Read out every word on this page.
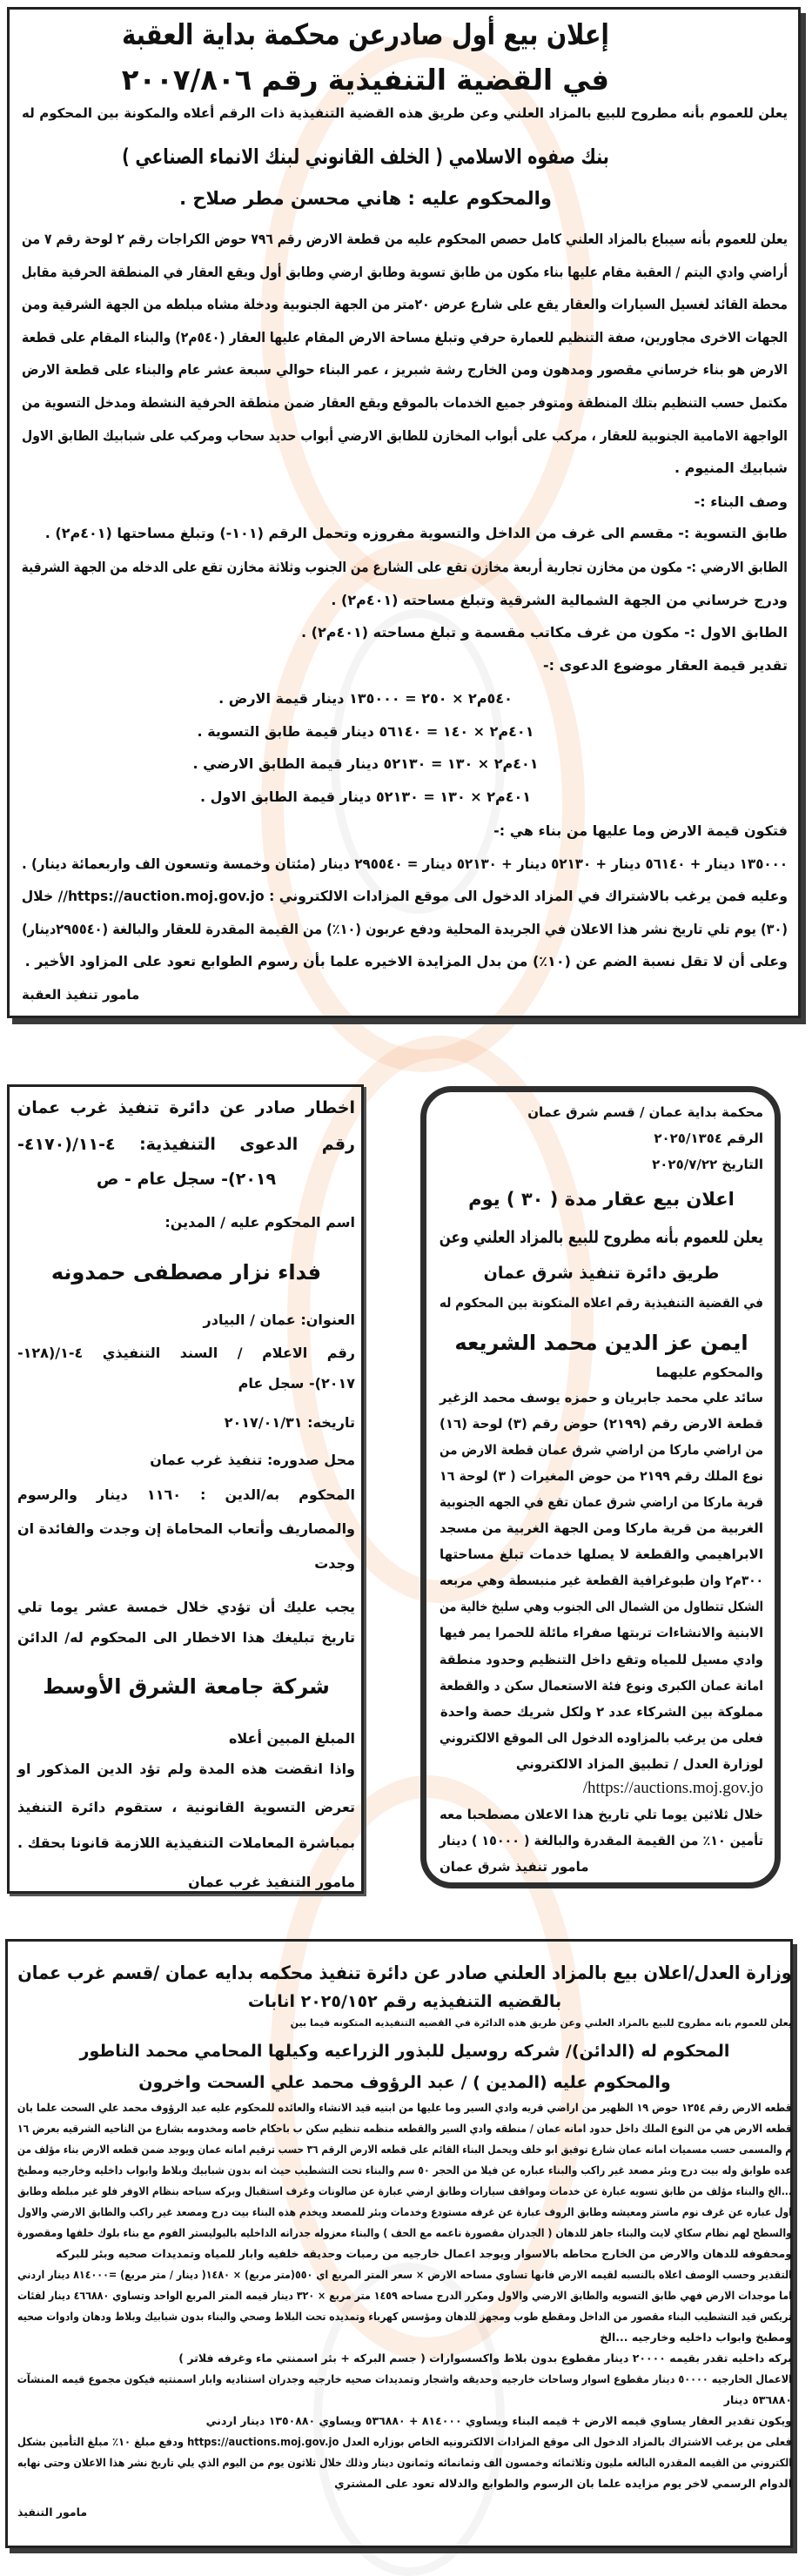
إعلان بيع أول صادرعن محكمة بداية العقبة
في القضية التنفيذية رقم ٢٠٠٧/٨٠٦
يعلن للعموم بأنه مطروح للبيع بالمزاد العلني وعن طريق هذه القضية التنفيذية ذات الرقم أعلاه والمكونة بين المحكوم له
بنك صفوه الاسلامي ( الخلف القانوني لبنك الانماء الصناعي )
والمحكوم عليه : هاني محسن مطر صلاح .
يعلن للعموم بأنه سيباع بالمزاد العلني كامل حصص المحكوم عليه من قطعة الارض رقم ٧٩٦ حوض الكراجات رقم ٢ لوحة رقم ٧ من
أراضي وادي اليتم / العقبة مقام عليها بناء مكون من طابق تسوية وطابق ارضي وطابق أول ويقع العقار في المنطقة الحرفية مقابل
محطة القائد لغسيل السيارات والعقار يقع على شارع عرض ٢٠متر من الجهة الجنوبية ودخلة مشاه مبلطه من الجهة الشرقية ومن
الجهات الاخرى مجاورين، صفة التنظيم للعمارة حرفي وتبلغ مساحة الارض المقام عليها العقار (٥٤٠م٢) والبناء المقام على قطعة
الارض هو بناء خرساني مقصور ومدهون ومن الخارج رشة شبريز ، عمر البناء حوالي سبعة عشر عام والبناء على قطعة الارض
مكتمل حسب التنظيم بتلك المنطقة ومتوفر جميع الخدمات بالموقع ويقع العقار ضمن منطقة الحرفية النشطة ومدخل التسوية من
الواجهة الامامية الجنوبية للعقار ، مركب على أبواب المخازن للطابق الارضي أبواب حديد سحاب ومركب على شبابيك الطابق الاول
شبابيك المنيوم .
وصف البناء :-
طابق التسوية :- مقسم الى غرف من الداخل والتسوية مفروزه وتحمل الرقم (١٠١-) وتبلغ مساحتها (٤٠١م٢) .
الطابق الارضي :- مكون من مخازن تجارية أربعة مخازن تقع على الشارع من الجنوب وثلاثة مخازن تقع على الدخله من الجهة الشرقية
ودرج خرساني من الجهة الشمالية الشرقية وتبلغ مساحته (٤٠١م٢) .
الطابق الاول :- مكون من غرف مكاتب مقسمة و تبلغ مساحته (٤٠١م٢) .
تقدير قيمة العقار موضوع الدعوى :-
٥٤٠م٢ × ٢٥٠ = ١٣٥٠٠٠ دينار قيمة الارض .
٤٠١م٢ × ١٤٠ = ٥٦١٤٠ دينار قيمة طابق التسوية .
٤٠١م٢ × ١٣٠ = ٥٢١٣٠ دينار قيمة الطابق الارضي .
٤٠١م٢ × ١٣٠ = ٥٢١٣٠ دينار قيمة الطابق الاول .
فتكون قيمة الارض وما عليها من بناء هي :-
١٣٥٠٠٠ دينار + ٥٦١٤٠ دينار + ٥٢١٣٠ دينار + ٥٢١٣٠ دينار = ٢٩٥٥٤٠ دينار (مئتان وخمسة وتسعون الف واربعمائة دينار) .
وعليه فمن يرغب بالاشتراك في المزاد الدخول الى موقع المزادات الالكتروني : https://auction.moj.gov.jo// خلال
(٣٠) يوم تلي تاريخ نشر هذا الاعلان في الجريدة المحلية ودفع عربون (١٠٪) من القيمة المقدرة للعقار والبالغة (٢٩٥٥٤٠دينار)
وعلى أن لا تقل نسبة الضم عن (١٠٪) من بدل المزايدة الاخيره علما بأن رسوم الطوابع تعود على المزاود الأخير .
مامور تنفيذ العقبة
اخطار صادر عن دائرة تنفيذ غرب عمان
رقم الدعوى التنفيذية: ٤-١١/(٤١٧٠-
٢٠١٩)- سجل عام - ص
اسم المحكوم عليه / المدين:
فداء نزار مصطفى حمدونه
العنوان: عمان / البيادر
رقم الاعلام / السند التنفيذي ٤-١/(١٢٨-
٢٠١٧)- سجل عام
تاريخه: ٢٠١٧/٠١/٣١
محل صدوره: تنفيذ غرب عمان
المحكوم به/الدين : ١١٦٠ دينار والرسوم
والمصاريف وأتعاب المحاماة إن وجدت والفائدة ان
وجدت
يجب عليك أن تؤدي خلال خمسة عشر يوما تلي
تاريخ تبليغك هذا الاخطار الى المحكوم له/ الدائن
شركة جامعة الشرق الأوسط
المبلغ المبين أعلاه
واذا انقضت هذه المدة ولم تؤد الدين المذكور او
تعرض التسوية القانونية ، ستقوم دائرة التنفيذ
بمباشرة المعاملات التنفيذية اللازمة قانونا بحقك .
مامور التنفيذ غرب عمان
محكمة بداية عمان / قسم شرق عمان
الرقم ٢٠٢٥/١٣٥٤
التاريخ ٢٠٢٥/٧/٢٢
اعلان بيع عقار مدة ( ٣٠ ) يوم
يعلن للعموم بأنه مطروح للبيع بالمزاد العلني وعن
طريق دائرة تنفيذ شرق عمان
في القضية التنفيذية رقم اعلاه المتكونة بين المحكوم له
ايمن عز الدين محمد الشريعه
والمحكوم عليهما
سائد علي محمد جابريان و حمزه يوسف محمد الزغير
قطعة الارض رقم (٢١٩٩) حوض رقم (٣) لوحة (١٦)
من اراضي ماركا من اراضي شرق عمان قطعة الارض من
نوع الملك رقم ٢١٩٩ من حوض المغيرات ( ٣) لوحة ١٦
قرية ماركا من اراضي شرق عمان تقع في الجهه الجنوبية
الغربية من قرية ماركا ومن الجهة الغربية من مسجد
الابراهيمي والقطعة لا يصلها خدمات تبلغ مساحتها
٣٠٠م٢ وان طبوغرافية القطعة غير منبسطة وهي مربعه
الشكل تتطاول من الشمال الى الجنوب وهي سليخ خالية من
الابنية والانشاءات تربتها صفراء مائلة للحمرا يمر فيها
وادي مسيل للمياه وتقع داخل التنظيم وحدود منطقة
امانة عمان الكبرى ونوع فئة الاستعمال سكن د والقطعة
مملوكة بين الشركاء عدد ٢ ولكل شريك حصة واحدة
فعلى من يرغب بالمزاوده الدخول الى الموقع الالكتروني
لوزارة العدل / تطبيق المزاد الالكتروني
https://auctions.moj.gov.jo/
خلال ثلاثين يوما تلي تاريخ هذا الاعلان مصطحبا معه
تأمين ١٠٪ من القيمة المقدرة والبالغة ( ١٥٠٠٠ ) دينار
مامور تنفيذ شرق عمان
وزارة العدل/اعلان بيع بالمزاد العلني صادر عن دائرة تنفيذ محكمه بدايه عمان /قسم غرب عمان
بالقضيه التنفيذيه رقم ٢٠٢٥/١٥٢ انابات
يعلن للعموم بانه مطروح للبيع بالمزاد العلني وعن طريق هذه الدائرة في القضيه التنفيذيه المتكونه فيما بين
المحكوم له (الدائن)/ شركه روسيل للبذور الزراعيه وكيلها المحامي محمد الناطور
والمحكوم عليه (المدين ) / عبد الرؤوف محمد علي السحت واخرون
قطعه الارض رقم ١٢٥٤ حوض ١٩ الظهير من اراضي قريه وادي السير وما عليها من ابنيه قيد الانشاء والعائده للمحكوم عليه عبد الرؤوف محمد علي السحت علما بان
قطعه الارض هي من النوع الملك داخل حدود امانه عمان / منطقه وادي السير والقطعه منظمه تنظيم سكن ب باحكام خاصه ومخدومه بشارع من الناحيه الشرقيه بعرض ١٦
م والمسمى حسب مسميات امانه عمان شارع توفيق ابو خلف ويحمل البناء القائم على قطعه الارض الرقم ٣٦ حسب ترقيم امانه عمان ويوجد ضمن قطعه الارض بناء مؤلف من
عده طوابق وله بيت درج وبئر مصعد غير راكب والبناء عباره عن فيلا من الحجر ٥٠ سم والبناء تحت التشطيب حيث انه بدون شبابيك وبلاط وابواب داخليه وخارجيه ومطبخ
...الخ والبناء مؤلف من طابق تسويه عبارة عن خدمات ومواقف سيارات وطابق ارضي عبارة عن صالونات وغرف استقبال وبركه سباحه بنظام الاوفر فلو غير مبلطه وطابق
اول عباره عن غرف نوم ماستر ومعيشه وطابق الروف عبارة عن غرفه مستودع وخدمات وبئر للمصعد ويخدم هذه البناء بيت درج ومصعد غير راكب والطابق الارضي والاول
والسطح لهم نظام سكاي لايت والبناء جاهز للدهان ( الجدران مقصورة ناعمه مع الحف ) والبناء معزوله جدرانه الداخليه بالبوليستر الفوم مع بناء بلوك خلفها ومقصورة
ومحفوفه للدهان والارض من الخارج محاطه بالاسوار ويوجد اعمال خارجيه من رمبات وحديقه خلفيه وابار للمياه وتمديدات صحيه وبئر للبركه
التقدير وحسب الوصف اعلاه بالنسبه لقيمه الارض فانها تساوي مساحه الارض × سعر المتر المربع اي ٥٥٠(متر مربع) × ١٤٨٠( دينار / متر مربع) =٨١٤٠٠٠ دينار اردني
اما موجدات الارض فهي طابق التسويه والطابق الارضي والاول ومكرر الدرج مساحه ١٤٥٩ متر مربع × ٣٢٠ دينار قيمه المتر المربع الواحد وتساوي ٤٦٦٨٨٠ دينار لفئات
تريكس قيد التشطيب البناء مقصور من الداخل ومقطع طوب ومجهز للدهان ومؤسس كهرباء وتمديده تحت البلاط وصحي والبناء بدون شبابيك وبلاط ودهان وادوات صحيه
ومطبخ وابواب داخليه وخارجيه ...الخ
بركه داخليه تقدر بقيمه ٢٠٠٠٠ دينار مقطوع بدون بلاط واكسسوارات ( جسم البركه + بئر اسمنتي ماء وغرفه فلاتر )
الاعمال الخارجيه ٥٠٠٠٠ دينار مقطوع اسوار وساحات خارجيه وحديقه واشجار وتمديدات صحيه خارجيه وجدران استناديه وابار اسمنتيه فيكون مجموع قيمه المنشآت
٥٣٦٨٨٠ دينار
ويكون تقدير العقار يساوي قيمه الارض + قيمه البناء ويساوي ٨١٤٠٠٠ + ٥٣٦٨٨٠ ويساوي ١٣٥٠٨٨٠ دينار اردني
فعلى من يرغب الاشتراك بالمزاد الدخول الى موقع المزادات الالكترونيه الخاص بوزاره العدل https://auctions.moj.gov.jo ودفع مبلغ ١٠٪ مبلغ التأمين بشكل
الكتروني من القيمه المقدره البالغه مليون وثلاثمائه وخمسون الف وثمانمائه وثمانون دينار وذلك خلال ثلاثون يوم من اليوم الذي يلي تاريخ نشر هذا الاعلان وحتى نهايه
الدوام الرسمي لاخر يوم مزايده علما بان الرسوم والطوابع والدلاله تعود على المشتري
مامور التنفيذ
